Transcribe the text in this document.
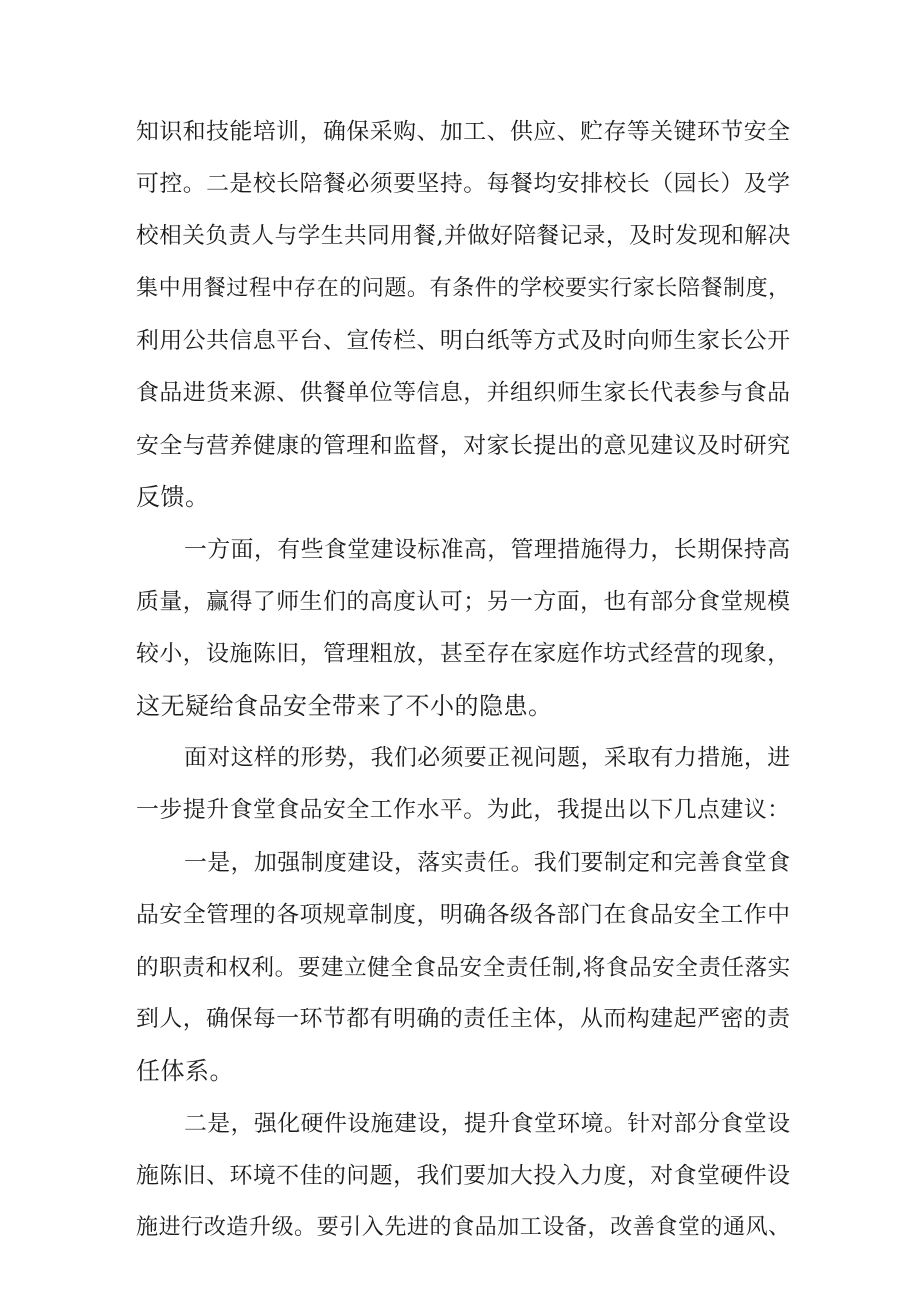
知识和技能培训，确保采购、加工、供应、贮存等关键环节安全
可控。二是校长陪餐必须要坚持。每餐均安排校长（园长）及学
校相关负责人与学生共同用餐,并做好陪餐记录，及时发现和解决
集中用餐过程中存在的问题。有条件的学校要实行家长陪餐制度，
利用公共信息平台、宣传栏、明白纸等方式及时向师生家长公开
食品进货来源、供餐单位等信息，并组织师生家长代表参与食品
安全与营养健康的管理和监督，对家长提出的意见建议及时研究
反馈。
一方面，有些食堂建设标准高，管理措施得力，长期保持高
质量，赢得了师生们的高度认可；另一方面，也有部分食堂规模
较小，设施陈旧，管理粗放，甚至存在家庭作坊式经营的现象，
这无疑给食品安全带来了不小的隐患。
面对这样的形势，我们必须要正视问题，采取有力措施，进
一步提升食堂食品安全工作水平。为此，我提出以下几点建议：
一是，加强制度建设，落实责任。我们要制定和完善食堂食
品安全管理的各项规章制度，明确各级各部门在食品安全工作中
的职责和权利。要建立健全食品安全责任制,将食品安全责任落实
到人，确保每一环节都有明确的责任主体，从而构建起严密的责
任体系。
二是，强化硬件设施建设，提升食堂环境。针对部分食堂设
施陈旧、环境不佳的问题，我们要加大投入力度，对食堂硬件设
施进行改造升级。要引入先进的食品加工设备，改善食堂的通风、
